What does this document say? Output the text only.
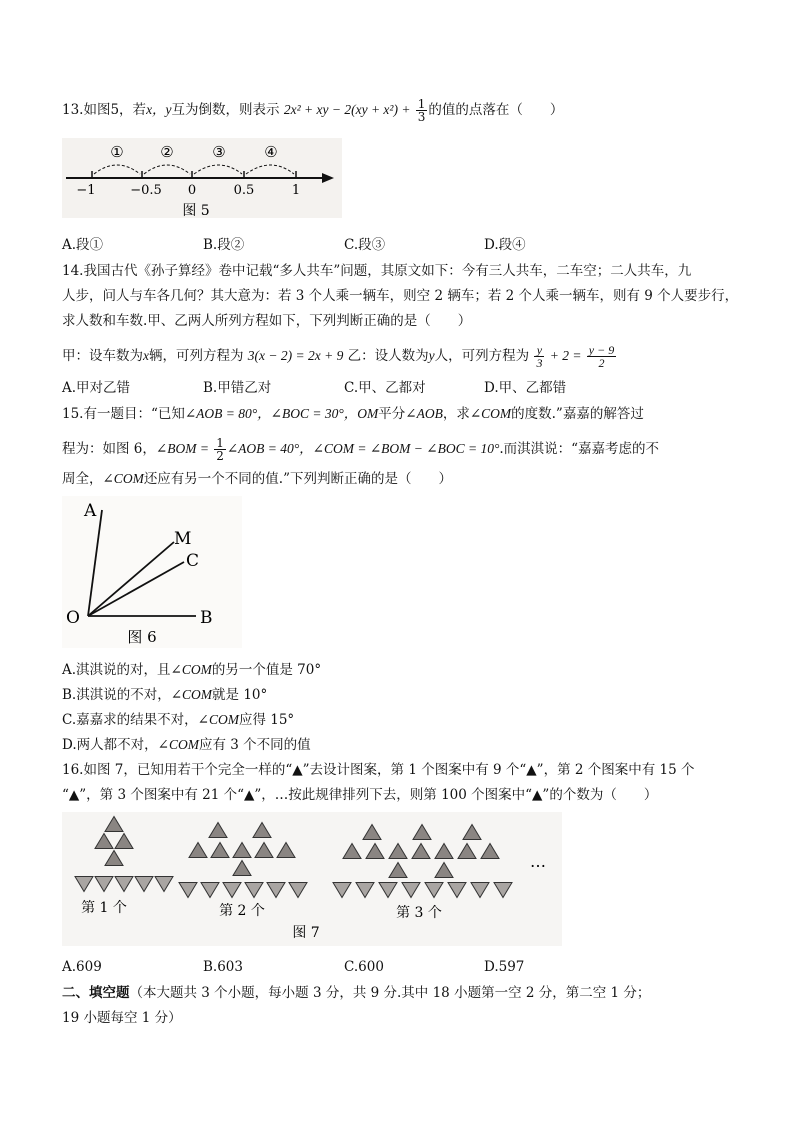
13.如图5，若x，y互为倒数，则表示 2x² + xy − $2(xy + x^2) + \frac{1}{3}$ 的值的点落在（　　）
① ②	③	④
−1	−0.5 0	0.5	1
图 5
A.段①	B.段②	C.段③	D.段④
14.我国古代《孙子算经》卷中记载“多人共车”问题，其原文如下：今有三人共车，二车空；二人共车，九
人步，问人与车各几何？其大意为：若 3 个人乘一辆车，则空 2 辆车；若 2 个人乘一辆车，则有 9 个人要步行，
求人数和车数.甲、乙两人所列方程如下，下列判断正确的是（　　）
甲：设车数为x辆，可列方程为 3(x − 2) = 2x + 9 乙：设人数为y人，可列方程为 $\frac{y}{3} + 2 = \frac{y - 9}{2}$
A.甲对乙错	B.甲错乙对	C.甲、乙都对	D.甲、乙都错
15.有一题目：“已知∠AOB = 80°，∠BOC = 30°，OM平分∠AOB，求∠COM的度数.”嘉嘉的解答过
程为：如图 6，∠BOM = $\frac{1}{2}$ ∠AOB = 40°，∠COM = ∠BOM − ∠BOC = 10°.而淇淇说：“嘉嘉考虑的不
周全，∠COM还应有另一个不同的值.”下列判断正确的是（　　）
A
M
C
O	B
图 6
A.淇淇说的对，且∠COM的另一个值是 70°
B.淇淇说的不对，∠COM就是 10°
C.嘉嘉求的结果不对，∠COM应得 15°
D.两人都不对，∠COM应有 3 个不同的值
16.如图 7，已知用若干个完全一样的“▲”去设计图案，第 1 个图案中有 9 个“▲”，第 2 个图案中有 15 个
“▲”，第 3 个图案中有 21 个“▲”，…按此规律排列下去，则第 100 个图案中“▲”的个数为（　　）
第 1 个	第 2 个	第 3 个
…
图 7
A.609	B.603	C.600	D.597
二、填空题（本大题共 3 个小题，每小题 3 分，共 9 分.其中 18 小题第一空 2 分，第二空 1 分；
19 小题每空 1 分）
